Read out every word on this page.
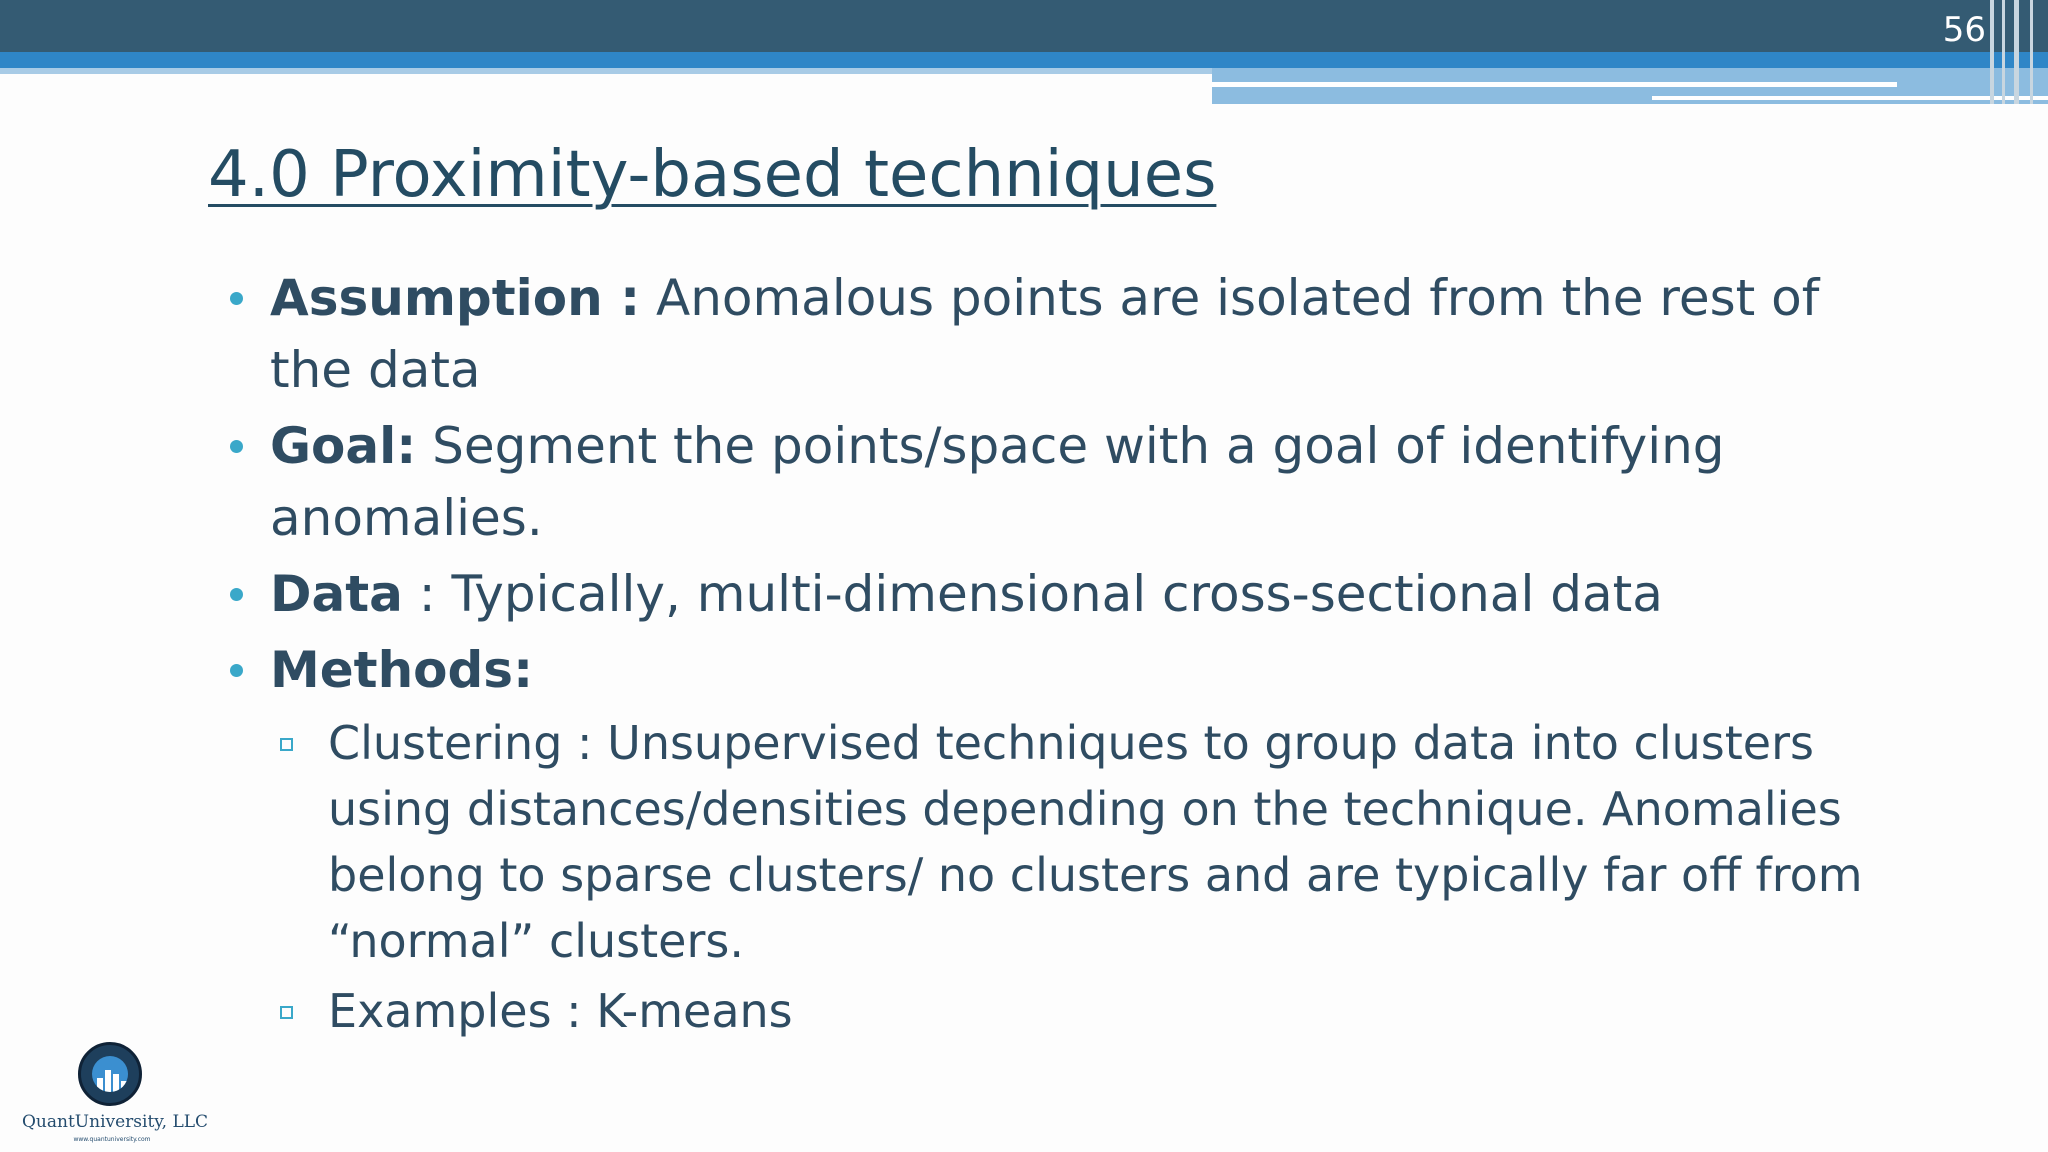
56
4.0 Proximity-based techniques
Assumption : Anomalous points are isolated from the rest of the data
Goal: Segment the points/space with a goal of identifying anomalies.
Data : Typically, multi-dimensional cross-sectional data
Methods:
Clustering : Unsupervised techniques to group data into clusters using distances/densities depending on the technique. Anomalies belong to sparse clusters/ no clusters and are typically far off from “normal” clusters.
Examples : K-means
QuantUniversity, LLC
www.quantuniversity.com
